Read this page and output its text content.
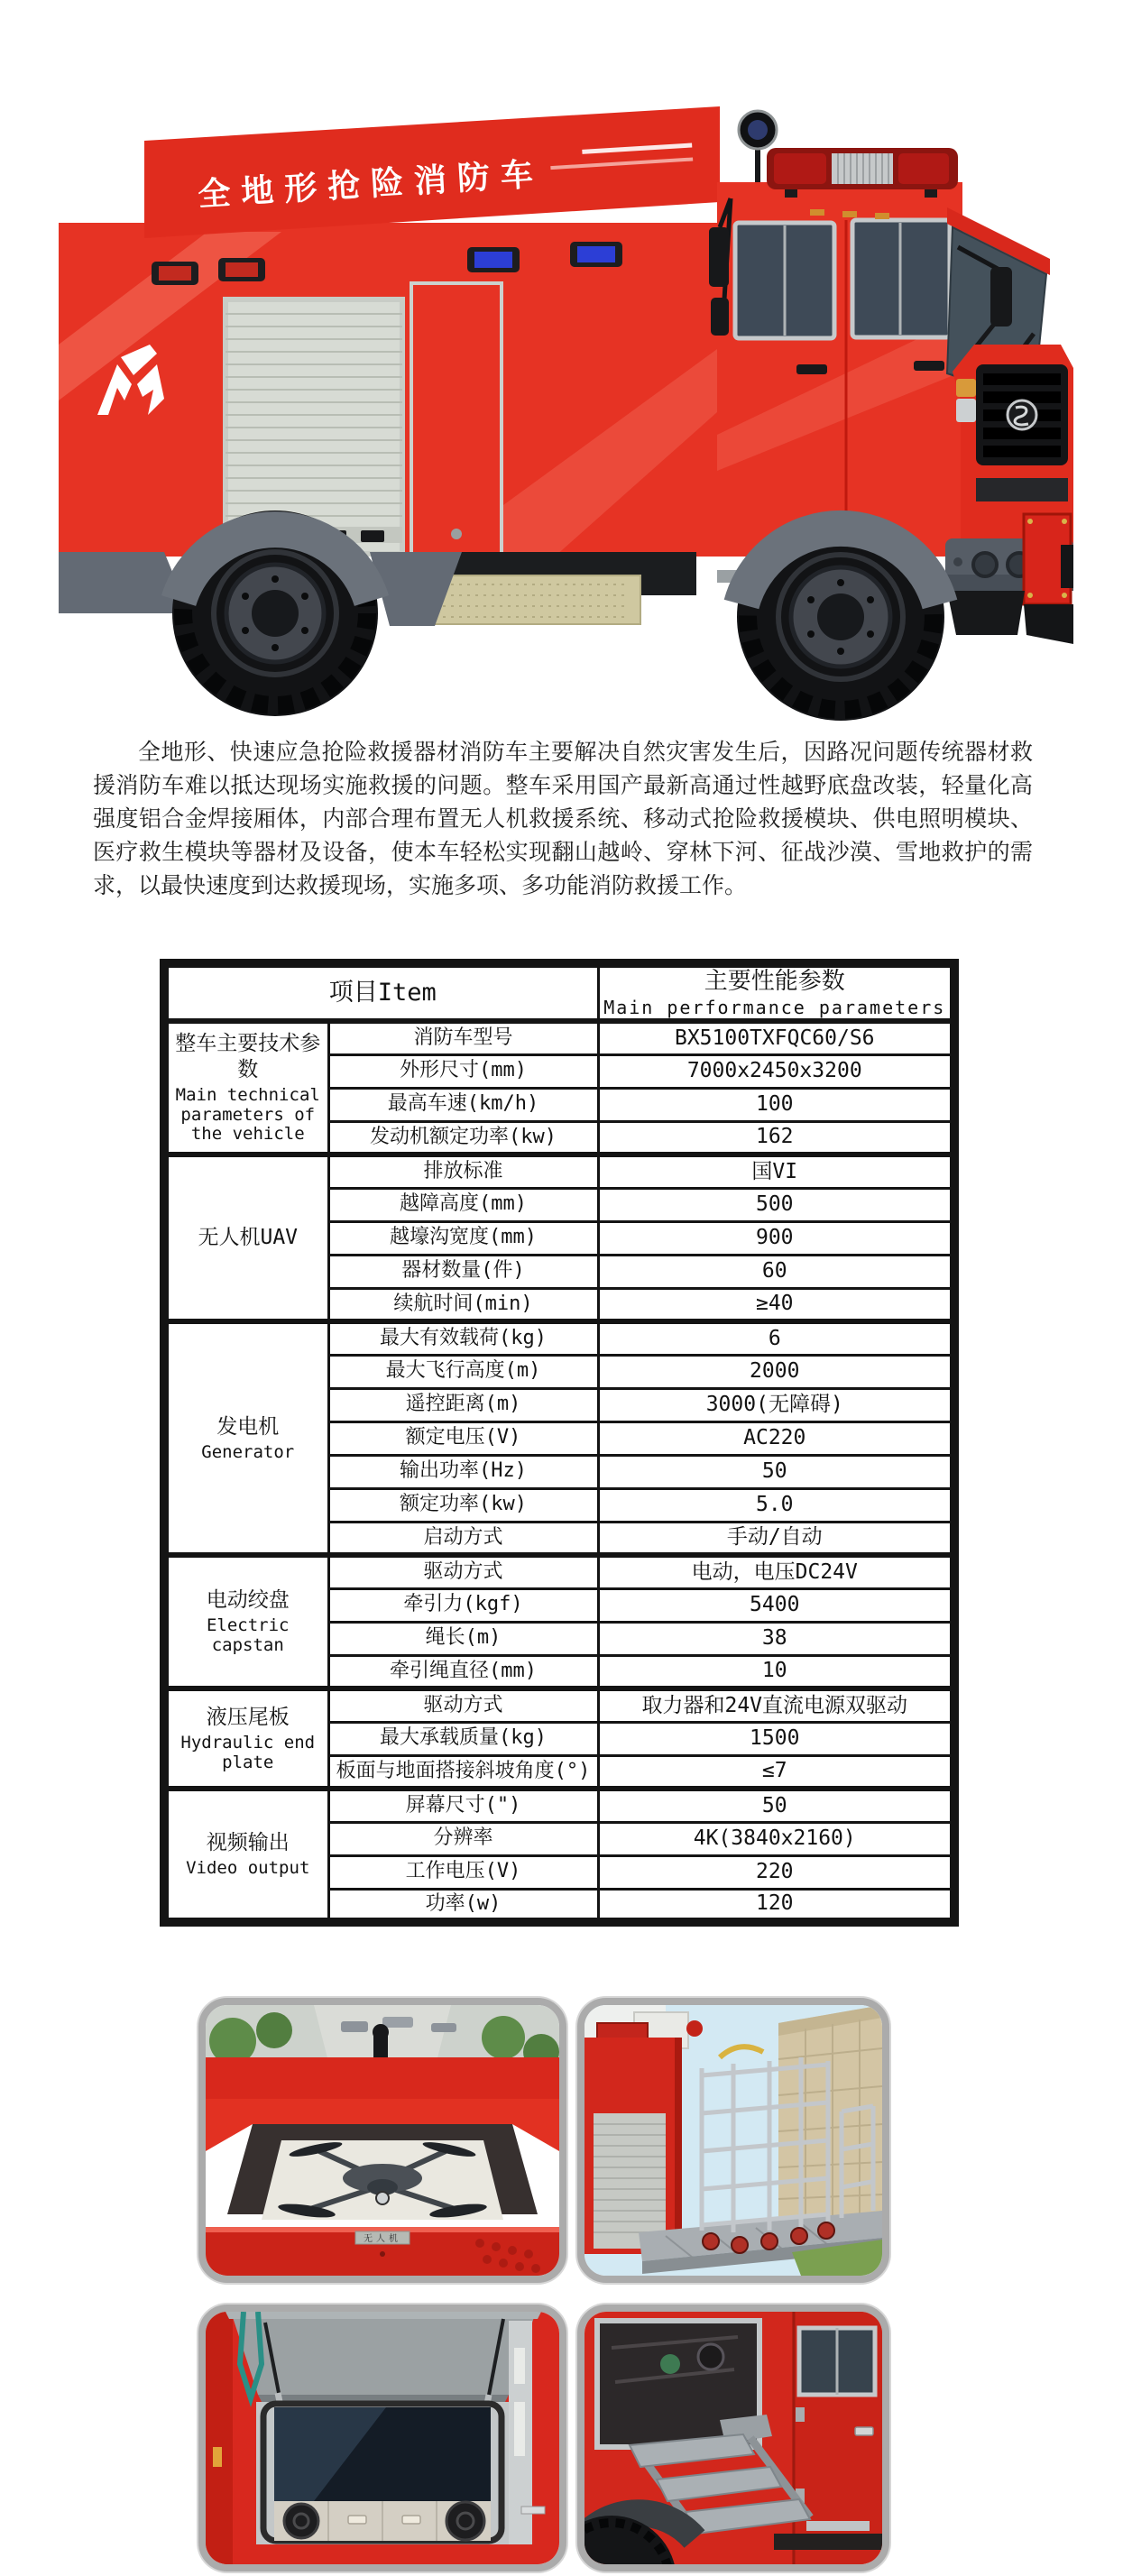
全地形抢险消防车

全地形、快速应急抢险救援器材消防车主要解决自然灾害发生后，因路况问题传统器材救援消防车难以抵达现场实施救援的问题。整车采用国产最新高通过性越野底盘改装，轻量化高强度铝合金焊接厢体，内部合理布置无人机救援系统、移动式抢险救援模块、供电照明模块、医疗救生模块等器材及设备，使本车轻松实现翻山越岭、穿林下河、征战沙漠、雪地救护的需求，以最快速度到达救援现场，实施多项、多功能消防救援工作。

项目Item		主要性能参数
Main performance parameters

整车主要技术参数
Main technical parameters of the vehicle	消防车型号	BX5100TXFQC60/S6
	外形尺寸(mm)	7000x2450x3200
	最高车速(km/h)	100
	发动机额定功率(kw)	162

无人机UAV	排放标准	国VI
	越障高度(mm)	500
	越壕沟宽度(mm)	900
	器材数量(件)	60
	续航时间(min)	≥40

发电机
Generator	最大有效载荷(kg)	6
	最大飞行高度(m)	2000
	遥控距离(m)	3000(无障碍)
	额定电压(V)	AC220
	输出功率(Hz)	50
	额定功率(kw)	5.0
	启动方式	手动/自动

电动绞盘
Electric capstan	驱动方式	电动，电压DC24V
	牵引力(kgf)	5400
	绳长(m)	38
	牵引绳直径(mm)	10

液压尾板
Hydraulic end plate	驱动方式	取力器和24V直流电源双驱动
	最大承载质量(kg)	1500
	板面与地面搭接斜坡角度(°)	≤7

视频输出
Video output	屏幕尺寸(")	50
	分辨率	4K(3840x2160)
	工作电压(V)	220
	功率(w)	120
无人机
